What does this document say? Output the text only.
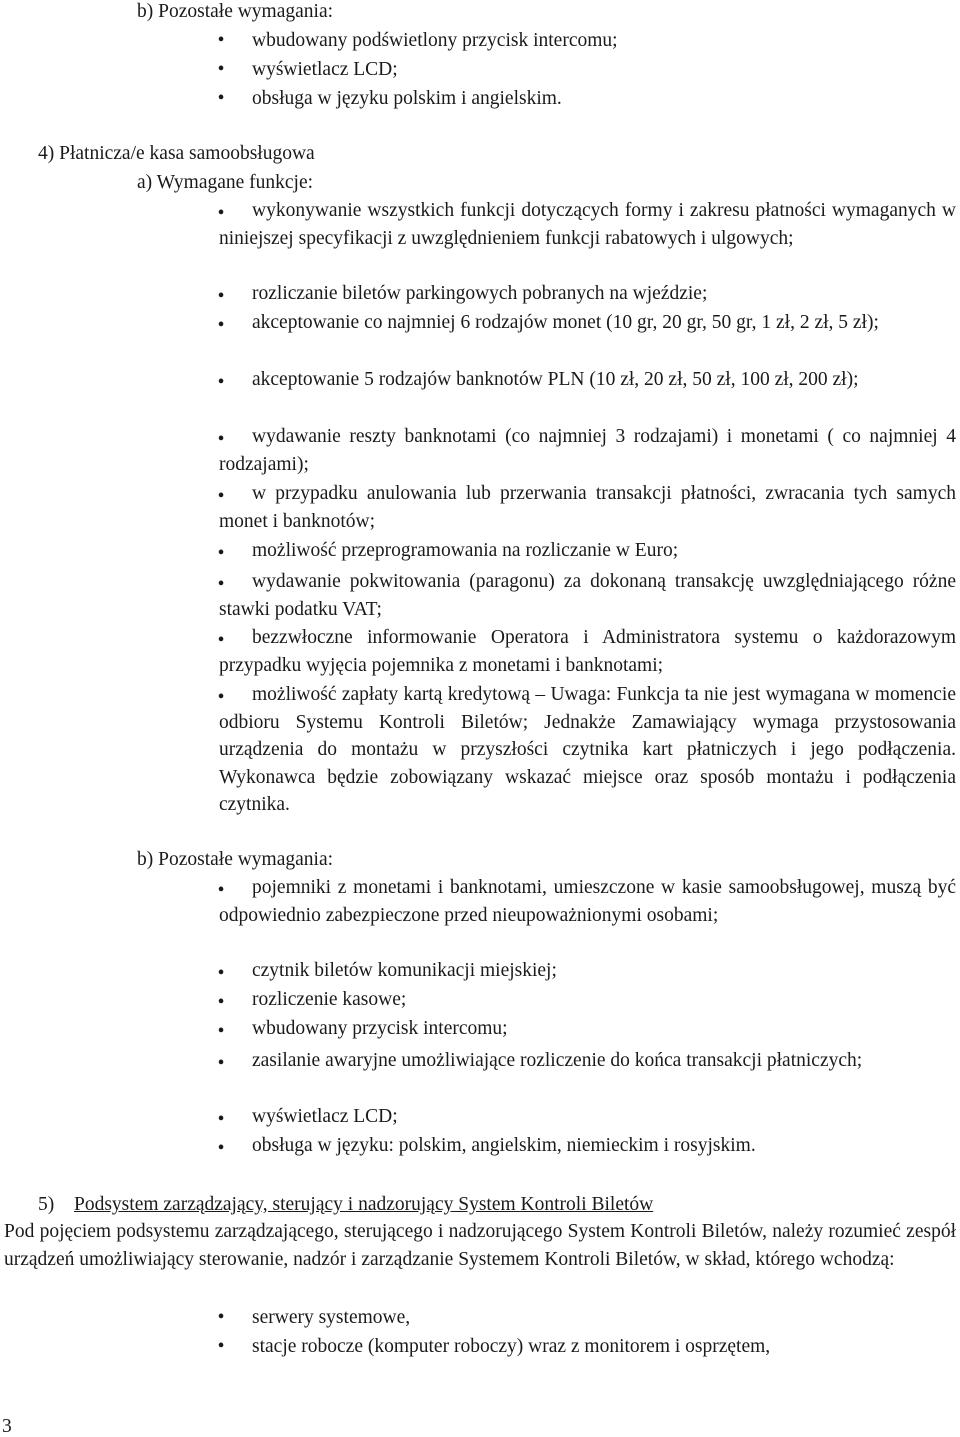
b) Pozostałe wymagania:
• wbudowany podświetlony przycisk intercomu;
• wyświetlacz LCD;
• obsługa w języku polskim i angielskim.
4) Płatnicza/e kasa samoobsługowa
a) Wymagane funkcje:
•	wykonywanie wszystkich funkcji dotyczących formy i zakresu płatności wymaganych w niniejszej specyfikacji z uwzględnieniem funkcji rabatowych i ulgowych;

•	rozliczanie biletów parkingowych pobranych na wjeździe;

•	akceptowanie co najmniej 6 rodzajów monet (10 gr, 20 gr, 50 gr, 1 zł, 2 zł, 5 zł);

•	akceptowanie 5 rodzajów banknotów PLN (10 zł, 20 zł, 50 zł, 100 zł, 200 zł);

•	wydawanie reszty banknotami (co najmniej 3 rodzajami) i monetami ( co najmniej 4 rodzajami);

•	w przypadku anulowania lub przerwania transakcji płatności, zwracania tych samych monet i banknotów;

•	możliwość przeprogramowania na rozliczanie w Euro;

•	wydawanie pokwitowania (paragonu) za dokonaną transakcję uwzględniającego różne stawki podatku VAT;

•	bezzwłoczne informowanie Operatora i Administratora systemu o każdorazowym przypadku wyjęcia pojemnika z monetami i banknotami;

•	możliwość zapłaty kartą kredytową – Uwaga: Funkcja ta nie jest wymagana w momencie odbioru Systemu Kontroli Biletów; Jednakże Zamawiający wymaga przystosowania urządzenia do montażu w przyszłości czytnika kart płatniczych i jego podłączenia. Wykonawca będzie zobowiązany wskazać miejsce oraz sposób montażu i podłączenia czytnika.

b) Pozostałe wymagania:
•	pojemniki z monetami i banknotami, umieszczone w kasie samoobsługowej, muszą być odpowiednio zabezpieczone przed nieupoważnionymi osobami;

•	czytnik biletów komunikacji miejskiej;

•	rozliczenie kasowe;

•	wbudowany przycisk intercomu;

•	zasilanie awaryjne umożliwiające rozliczenie do końca transakcji płatniczych;

•	wyświetlacz LCD;

•	obsługa w języku: polskim, angielskim, niemieckim i rosyjskim.

5) Podsystem zarządzający, sterujący i nadzorujący System Kontroli Biletów

Pod pojęciem podsystemu zarządzającego, sterującego i nadzorującego System Kontroli Biletów, należy rozumieć zespół urządzeń umożliwiający sterowanie, nadzór i zarządzanie Systemem Kontroli Biletów, w skład, którego wchodzą:

• serwery systemowe,
• stacje robocze (komputer roboczy) wraz z monitorem i osprzętem,
3
